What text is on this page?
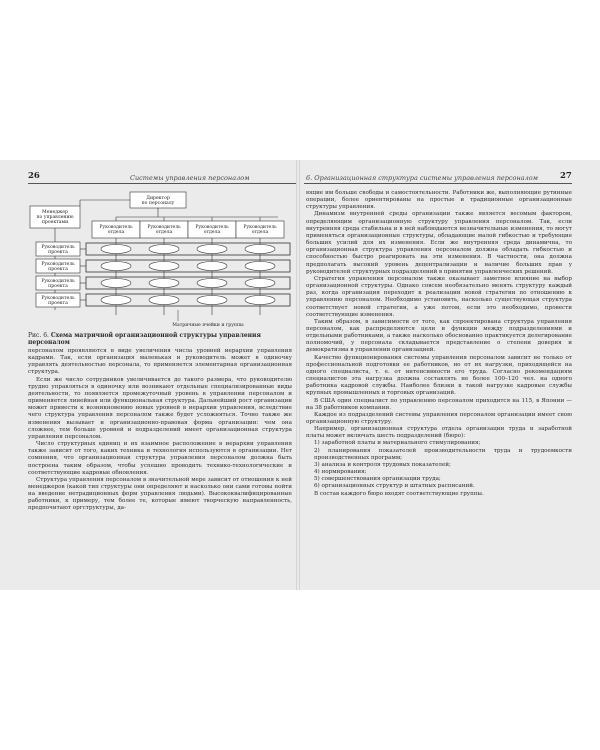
26	Системы управления персоналом
Директор по персоналу
Менеджер по управлению проектами
Руководитель отдела
Руководитель отдела
Руководитель отдела
Руководитель отдела
Руководитель проекта
Руководитель проекта
Руководитель проекта
Руководитель проекта
Матричные ячейки и группы
Рис. 6. Схема матричной организационной структуры управления персоналом

персоналом проявляются в виде увеличения числа уровней иерархии управления кадрами. Так, если организация маленькая и руководитель может в одиночку управлять деятельностью персонала, то применяется элементарная организационная структура.

Если же число сотрудников увеличивается до такого размера, что руководителю трудно управляться в одиночку или возникают отдельные специализированные виды деятельности, то появляется промежуточный уровень в управлении персоналом и применяется линейная или функциональная структура. Дальнейший рост организации может привести к возникновению новых уровней в иерархии управления, вследствие чего структура управления персоналом также будет усложняться. Точно также же изменения вызывает и организационно-правовая форма организации: чем она сложнее, тем больше уровней и подразделений имеет организационная структура управления персоналом.

Число структурных единиц и их взаимное расположение в иерархии управления также зависит от того, каких техника и технология используются в организации. Нет сомнения, что организационная структура управления персоналом должна быть построена таким образом, чтобы успешно проводить технико-технологические и соответствующие кадровые обновления.

Структура управления персоналом в значительной мере зависит от отношения к ней менеджеров (какой тип структуры они определяют и насколько они сами готовы пойти на введение нетрадиционных форм управления людьми). Высококвалифицированные работники, к примеру, тем более те, которые имеют творческую направленность, предпочитают оргструктуры, да-

6. Организационная структура системы управления персоналом	27

ющие им больше свободы и самостоятельности. Работники же, выполняющие рутинные операции, более ориентированы на простые и традиционные организационные структуры управления.

Динамизм внутренней среды организации также является весомым фактором, определяющим организационную структуру управления персоналом. Так, если внутренняя среда стабильна и в ней наблюдаются незначительные изменения, то могут применяться организационные структуры, обладающие малой гибкостью и требующие больших усилий для их изменения. Если же внутренняя среда динамична, то организационная структура управления персоналом должна обладать гибкостью и способностью быстро реагировать на эти изменения. В частности, она должна предполагать высокий уровень децентрализации и наличие больших прав у руководителей структурных подразделений в принятии управленческих решений.

Стратегия управления персоналом также оказывает заметное влияние на выбор организационной структуры. Однако совсем необязательно менять структуру каждый раз, когда организация переходит к реализации новой стратегии по отношению к управлению персоналом. Необходимо установить, насколько существующая структура соответствует новой стратегии, а уже потом, если это необходимо, провести соответствующие изменения.

Таким образом, в зависимости от того, как спроектирована структура управления персоналом, как распределяются цели и функции между подразделениями и отдельными работниками, а также насколько обоснованно практикуется делегирование полномочий, у персонала складывается представление о степени доверия и демократизма в управлении организацией.

Качество функционирования системы управления персоналом зависит не только от профессиональной подготовки ее работников, но от их нагрузки, приходящейся на одного специалиста, т. е. от интенсивности его труда. Согласно рекомендациям специалистов эта нагрузка должна составлять не более 100–120 чел. на одного работника кадровой службы. Наиболее близки к такой нагрузке кадровые службы крупных промышленных и торговых организаций.

В США один специалист по управлению персоналом приходится на 115, в Японии — на 38 работников компании.

Каждое из подразделений системы управления персоналом организации имеет свою организационную структуру.

Например, организационная структура отдела организации труда и заработной платы может включать шесть подразделений (бюро):

1) заработной платы и материального стимулирования;

2) планирования показателей производительности труда и трудоемкости производственных программ;

3) анализа и контроля трудовых показателей;

4) нормирования;

5) совершенствования организации труда;

6) организационных структур и штатных расписаний.

В состав каждого бюро входят соответствующие группы.
